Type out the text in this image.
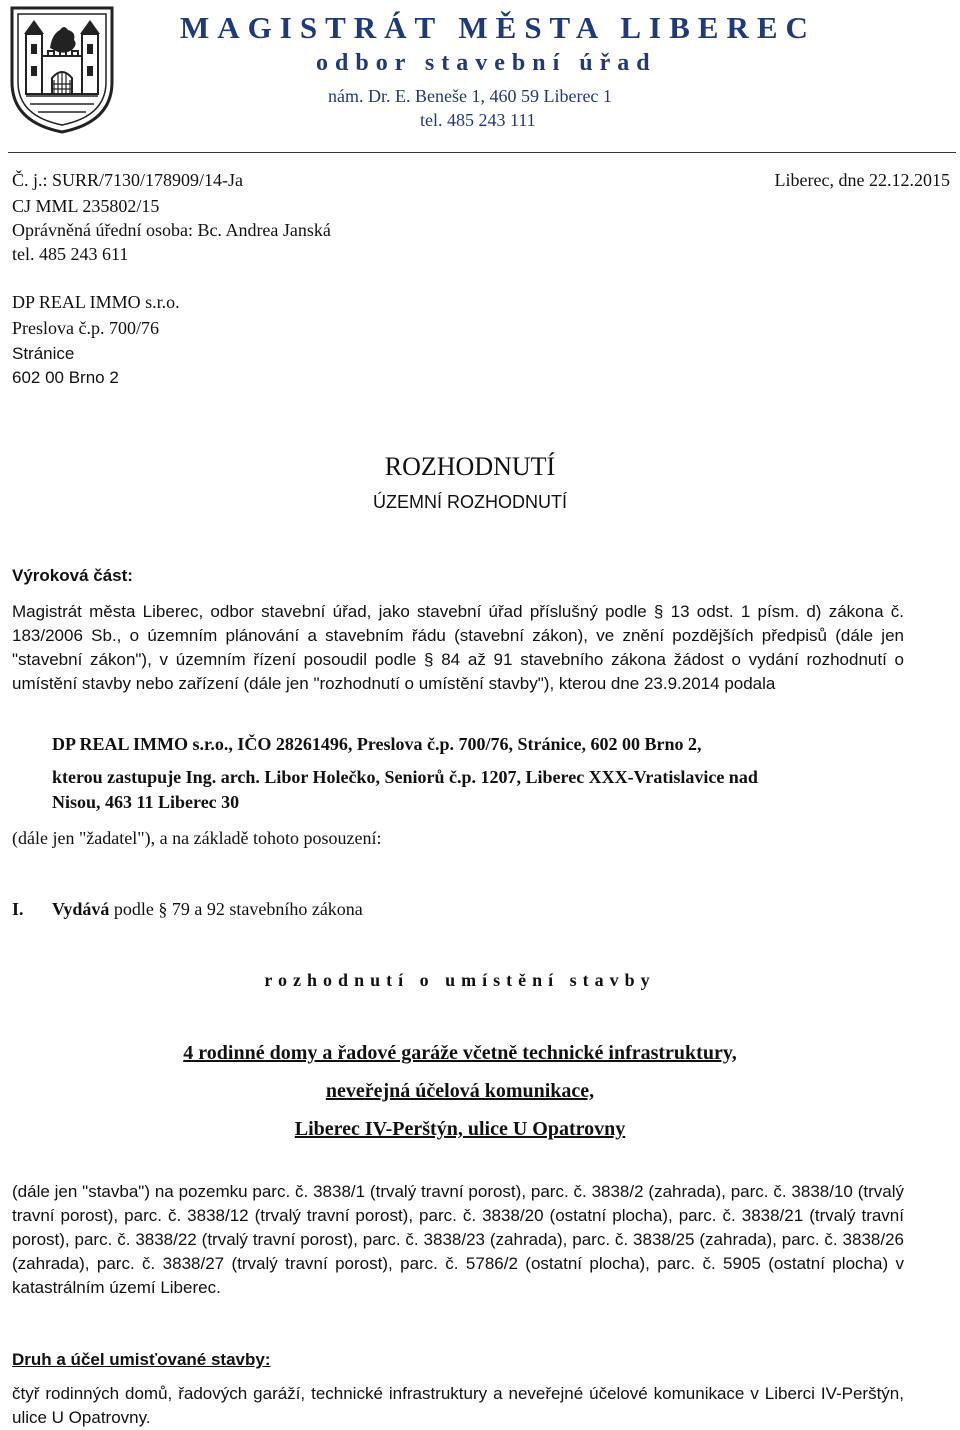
MAGISTRÁT MĚSTA LIBEREC
odbor stavební úřad
nám. Dr. E. Beneše 1, 460 59 Liberec 1
tel. 485 243 111
Č. j.: SURR/7130/178909/14-Ja	Liberec, dne 22.12.2015
CJ MML 235802/15
Oprávněná úřední osoba: Bc. Andrea Janská
tel. 485 243 611
DP REAL IMMO s.r.o.
Preslova č.p. 700/76
Stránice
602 00 Brno 2
ROZHODNUTÍ
ÚZEMNÍ ROZHODNUTÍ
Výroková část:

Magistrát města Liberec, odbor stavební úřad, jako stavební úřad příslušný podle § 13 odst. 1 písm. d) zákona č. 183/2006 Sb., o územním plánování a stavebním řádu (stavební zákon), ve znění pozdějších předpisů (dále jen "stavební zákon"), v územním řízení posoudil podle § 84 až 91 stavebního zákona žádost o vydání rozhodnutí o umístění stavby nebo zařízení (dále jen "rozhodnutí o umístění stavby"), kterou dne 23.9.2014 podala

DP REAL IMMO s.r.o., IČO 28261496, Preslova č.p. 700/76, Stránice, 602 00 Brno 2,
kterou zastupuje Ing. arch. Libor Holečko, Seniorů č.p. 1207, Liberec XXX-Vratislavice nad
Nisou, 463 11 Liberec 30
(dále jen "žadatel"), a na základě tohoto posouzení:
I. Vydává podle § 79 a 92 stavebního zákona
rozhodnutí o umístění stavby
4 rodinné domy a řadové garáže včetně technické infrastruktury,
neveřejná účelová komunikace,
Liberec IV-Perštýn, ulice U Opatrovny

(dále jen "stavba") na pozemku parc. č. 3838/1 (trvalý travní porost), parc. č. 3838/2 (zahrada), parc. č. 3838/10 (trvalý travní porost), parc. č. 3838/12 (trvalý travní porost), parc. č. 3838/20 (ostatní plocha), parc. č. 3838/21 (trvalý travní porost), parc. č. 3838/22 (trvalý travní porost), parc. č. 3838/23 (zahrada), parc. č. 3838/25 (zahrada), parc. č. 3838/26 (zahrada), parc. č. 3838/27 (trvalý travní porost), parc. č. 5786/2 (ostatní plocha), parc. č. 5905 (ostatní plocha) v katastrálním území Liberec.

Druh a účel umisťované stavby:

čtyř rodinných domů, řadových garáží, technické infrastruktury a neveřejné účelové komunikace v Liberci IV-Perštýn, ulice U Opatrovny.
